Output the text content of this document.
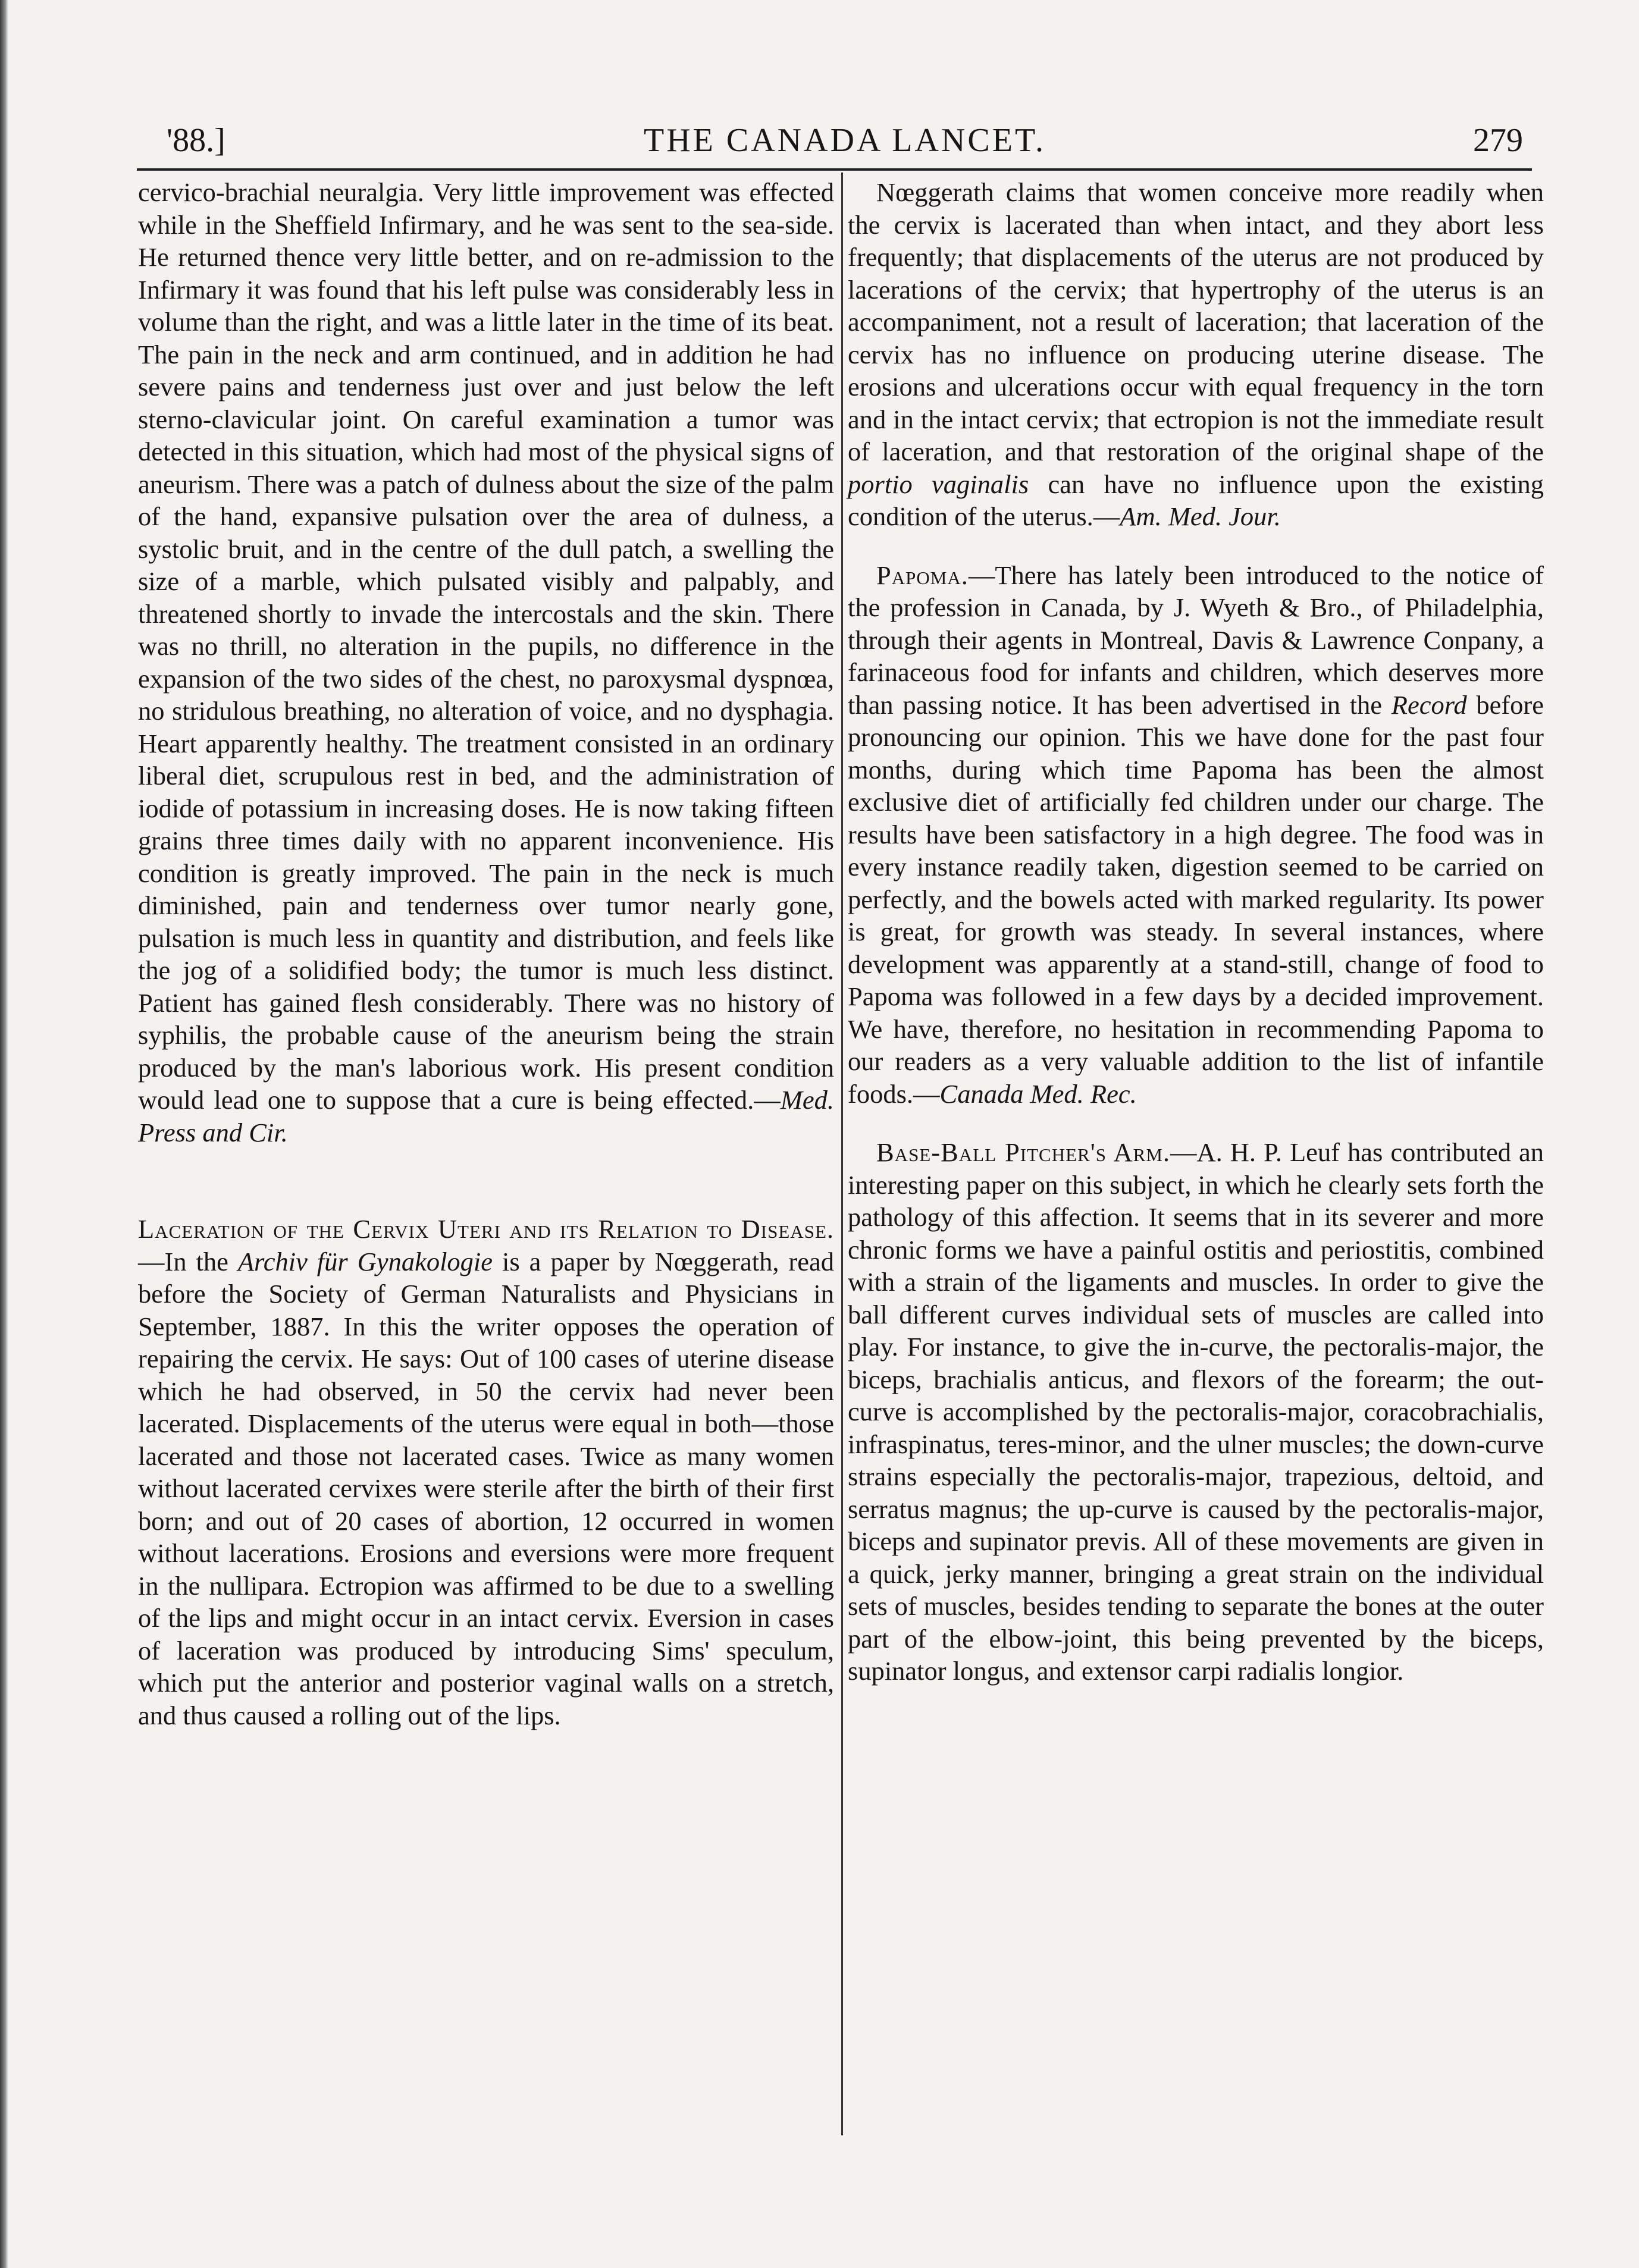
'88.]	THE CANADA LANCET.	279

cervico-brachial neuralgia. Very little improvement was effected while in the Sheffield Infirmary, and he was sent to the sea-side. He returned thence very little better, and on re-admission to the Infirmary it was found that his left pulse was considerably less in volume than the right, and was a little later in the time of its beat. The pain in the neck and arm continued, and in addition he had severe pains and tenderness just over and just below the left sterno-clavicular joint. On careful examination a tumor was detected in this situation, which had most of the physical signs of aneurism. There was a patch of dulness about the size of the palm of the hand, expansive pulsation over the area of dulness, a systolic bruit, and in the centre of the dull patch, a swelling the size of a marble, which pulsated visibly and palpably, and threatened shortly to invade the intercostals and the skin. There was no thrill, no alteration in the pupils, no difference in the expansion of the two sides of the chest, no paroxysmal dyspnœa, no stridulous breathing, no alteration of voice, and no dysphagia. Heart apparently healthy. The treatment consisted in an ordinary liberal diet, scrupulous rest in bed, and the administration of iodide of potassium in increasing doses. He is now taking fifteen grains three times daily with no apparent inconvenience. His condition is greatly improved. The pain in the neck is much diminished, pain and tenderness over tumor nearly gone, pulsation is much less in quantity and distribution, and feels like the jog of a solidified body; the tumor is much less distinct. Patient has gained flesh considerably. There was no history of syphilis, the probable cause of the aneurism being the strain produced by the man's laborious work. His present condition would lead one to suppose that a cure is being effected.—Med. Press and Cir.

Laceration of the Cervix Uteri and its Relation to Disease.—In the Archiv für Gynakologie is a paper by Nœggerath, read before the Society of German Naturalists and Physicians in September, 1887. In this the writer opposes the operation of repairing the cervix. He says: Out of 100 cases of uterine disease which he had observed, in 50 the cervix had never been lacerated. Displacements of the uterus were equal in both—those lacerated and those not lacerated cases. Twice as many women without lacerated cervixes were sterile after the birth of their first born; and out of 20 cases of abortion, 12 occurred in women without lacerations. Erosions and eversions were more frequent in the nullipara. Ectropion was affirmed to be due to a swelling of the lips and might occur in an intact cervix. Eversion in cases of laceration was produced by introducing Sims' speculum, which put the anterior and posterior vaginal walls on a stretch, and thus caused a rolling out of the lips.

Nœggerath claims that women conceive more readily when the cervix is lacerated than when intact, and they abort less frequently; that displacements of the uterus are not produced by lacerations of the cervix; that hypertrophy of the uterus is an accompaniment, not a result of laceration; that laceration of the cervix has no influence on producing uterine disease. The erosions and ulcerations occur with equal frequency in the torn and in the intact cervix; that ectropion is not the immediate result of laceration, and that restoration of the original shape of the portio vaginalis can have no influence upon the existing condition of the uterus.—Am. Med. Jour.

Papoma.—There has lately been introduced to the notice of the profession in Canada, by J. Wyeth & Bro., of Philadelphia, through their agents in Montreal, Davis & Lawrence Conpany, a farinaceous food for infants and children, which deserves more than passing notice. It has been advertised in the Record before pronouncing our opinion. This we have done for the past four months, during which time Papoma has been the almost exclusive diet of artificially fed children under our charge. The results have been satisfactory in a high degree. The food was in every instance readily taken, digestion seemed to be carried on perfectly, and the bowels acted with marked regularity. Its power is great, for growth was steady. In several instances, where development was apparently at a stand-still, change of food to Papoma was followed in a few days by a decided improvement. We have, therefore, no hesitation in recommending Papoma to our readers as a very valuable addition to the list of infantile foods.—Canada Med. Rec.

Base-Ball Pitcher's Arm.—A. H. P. Leuf has contributed an interesting paper on this subject, in which he clearly sets forth the pathology of this affection. It seems that in its severer and more chronic forms we have a painful ostitis and periostitis, combined with a strain of the ligaments and muscles. In order to give the ball different curves individual sets of muscles are called into play. For instance, to give the in-curve, the pectoralis-major, the biceps, brachialis anticus, and flexors of the forearm; the out-curve is accomplished by the pectoralis-major, coracobrachialis, infraspinatus, teres-minor, and the ulner muscles; the down-curve strains especially the pectoralis-major, trapezious, deltoid, and serratus magnus; the up-curve is caused by the pectoralis-major, biceps and supinator previs. All of these movements are given in a quick, jerky manner, bringing a great strain on the individual sets of muscles, besides tending to separate the bones at the outer part of the elbow-joint, this being prevented by the biceps, supinator longus, and extensor carpi radialis longior.
